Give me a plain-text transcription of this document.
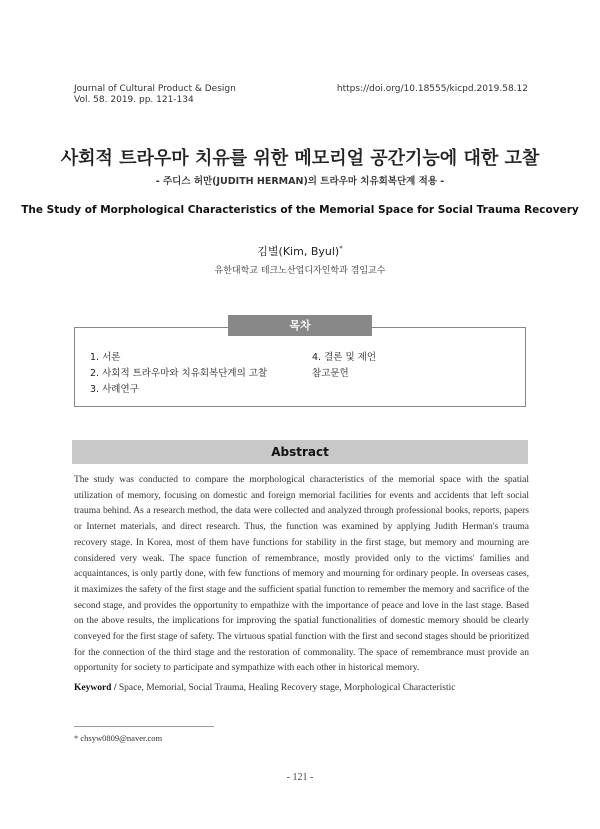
Journal of Cultural Product & Design
Vol. 58. 2019. pp. 121-134
https://doi.org/10.18555/kicpd.2019.58.12
사회적 트라우마 치유를 위한 메모리얼 공간기능에 대한 고찰
- 주디스 허만(JUDITH HERMAN)의 트라우마 치유회복단계 적용 -
The Study of Morphological Characteristics of the Memorial Space for Social Trauma Recovery
김별(Kim, Byul)*
유한대학교 테크노산업디자인학과 겸임교수
목차
1. 서론
2. 사회적 트라우마와 치유회복단계의 고찰
3. 사례연구
4. 결론 및 제언
참고문헌
Abstract

The study was conducted to compare the morphological characteristics of the memorial space with the spatial utilization of memory, focusing on domestic and foreign memorial facilities for events and accidents that left social trauma behind. As a research method, the data were collected and analyzed through professional books, reports, papers or Internet materials, and direct research. Thus, the function was examined by applying Judith Herman's trauma recovery stage. In Korea, most of them have functions for stability in the first stage, but memory and mourning are considered very weak. The space function of remembrance, mostly provided only to the victims' families and acquaintances, is only partly done, with few functions of memory and mourning for ordinary people. In overseas cases, it maximizes the safety of the first stage and the sufficient spatial function to remember the memory and sacrifice of the second stage, and provides the opportunity to empathize with the importance of peace and love in the last stage. Based on the above results, the implications for improving the spatial functionalities of domestic memory should be clearly conveyed for the first stage of safety. The virtuous spatial function with the first and second stages should be prioritized for the connection of the third stage and the restoration of commonality. The space of remembrance must provide an opportunity for society to participate and sympathize with each other in historical memory.

Keyword / Space, Memorial, Social Trauma, Healing Recovery stage, Morphological Characteristic
* chsyw0809@naver.com
- 121 -
